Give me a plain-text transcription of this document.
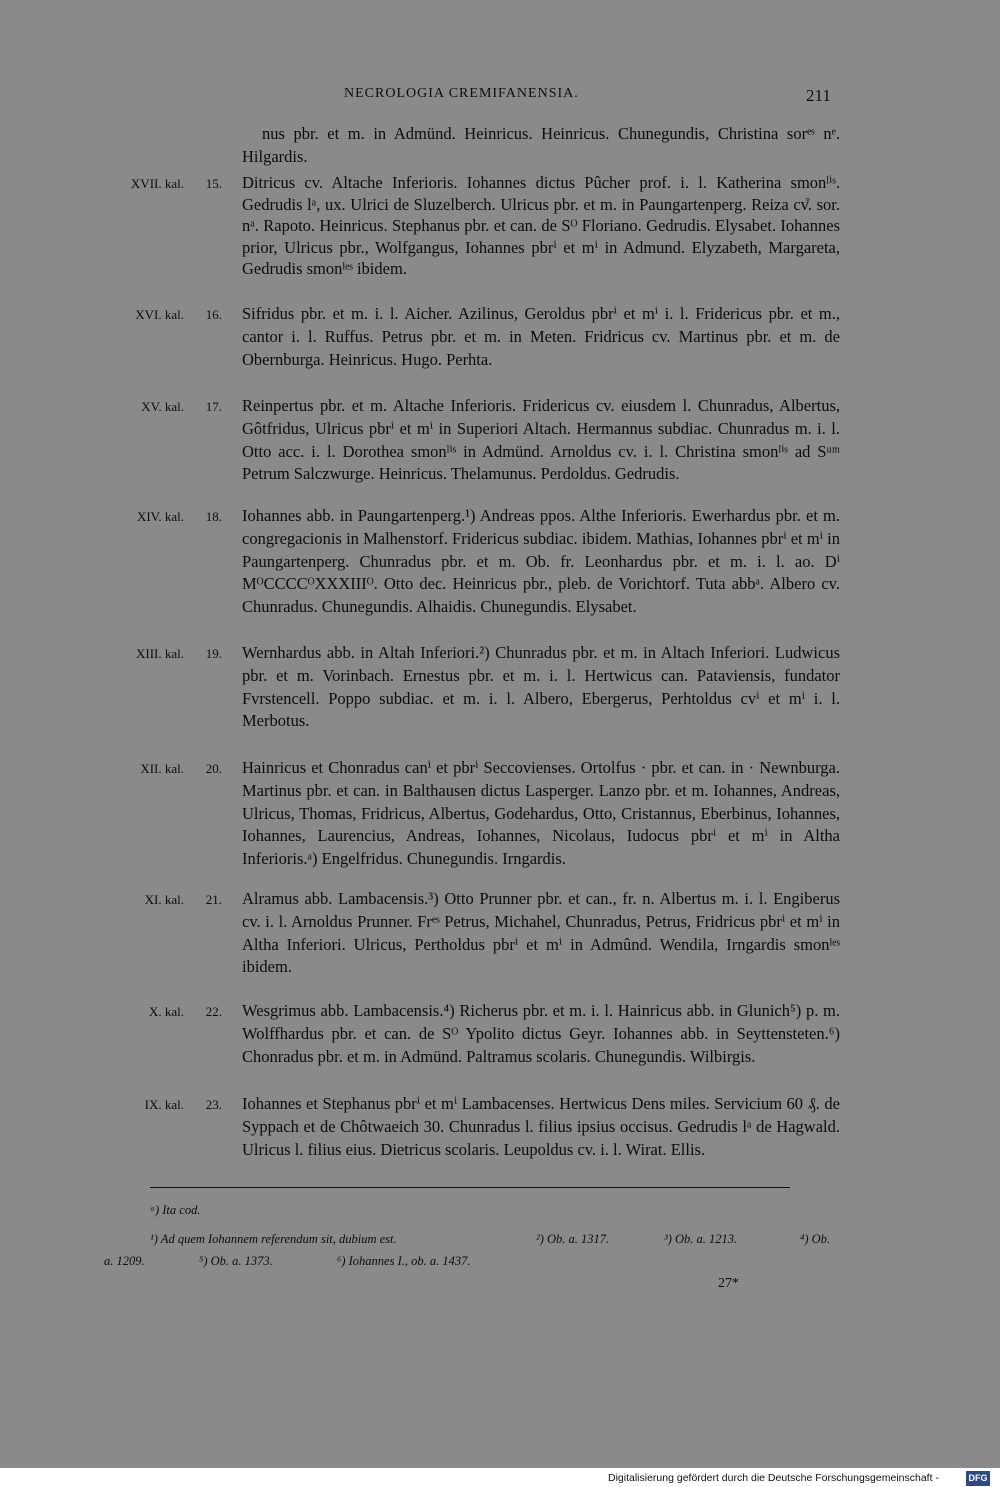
NECROLOGIA CREMIFANENSIA.	211
nus pbr. et m. in Admünd. Heinricus. Heinricus. Chunegundis, Christina sorᵉˢ nᵉ. Hilgardis.
XVII. kal.	15. Ditricus cv. Altache Inferioris. Iohannes dictus Pûcher prof. i. l. Katherina smonˡⁱˢ. Gedrudis lᵃ, ux. Ulrici de Sluzelberch. Ulricus pbr. et m. in Paungartenperg. Reiza cv̊. sor. nᵃ. Rapoto. Heinricus. Stephanus pbr. et can. de Sᴼ Floriano. Gedrudis. Elysabet. Iohannes prior, Ulricus pbr., Wolfgangus, Iohannes pbrⁱ et mⁱ in Admund. Elyzabeth, Margareta, Gedrudis smonˡᵉˢ ibidem.
XVI. kal.	16. Sifridus pbr. et m. i. l. Aicher. Azilinus, Geroldus pbrⁱ et mⁱ i. l. Fridericus pbr. et m., cantor i. l. Ruffus. Petrus pbr. et m. in Meten. Fridricus cv. Martinus pbr. et m. de Obernburga. Heinricus. Hugo. Perhta.
XV. kal.	17. Reinpertus pbr. et m. Altache Inferioris. Fridericus cv. eiusdem l. Chunradus, Albertus, Gôtfridus, Ulricus pbrⁱ et mⁱ in Superiori Altach. Hermannus subdiac. Chunradus m. i. l. Otto acc. i. l. Dorothea smonˡⁱˢ in Admünd. Arnoldus cv. i. l. Christina smonˡⁱˢ ad Sᵘᵐ Petrum Salczwurge. Heinricus. Thelamunus. Perdoldus. Gedrudis.
XIV. kal.	18. Iohannes abb. in Paungartenperg.¹) Andreas ppos. Althe Inferioris. Ewerhardus pbr. et m. congregacionis in Malhenstorf. Fridericus subdiac. ibidem. Mathias, Iohannes pbrⁱ et mⁱ in Paungartenperg. Chunradus pbr. et m. Ob. fr. Leonhardus pbr. et m. i. l. ao. Dⁱ MᴼCCCCᴼXXXIIIᴼ. Otto dec. Heinricus pbr., pleb. de Vorichtorf. Tuta abbᵃ. Albero cv. Chunradus. Chunegundis. Alhaidis. Chunegundis. Elysabet.
XIII. kal.	19. Wernhardus abb. in Altah Inferiori.²) Chunradus pbr. et m. in Altach Inferiori. Ludwicus pbr. et m. Vorinbach. Ernestus pbr. et m. i. l. Hertwicus can. Pataviensis, fundator Fvrstencell. Poppo subdiac. et m. i. l. Albero, Ebergerus, Perhtoldus cvⁱ et mⁱ i. l. Merbotus.
XII. kal.	20. Hainricus et Chonradus canⁱ et pbrⁱ Seccovienses. Ortolfus · pbr. et can. in · Newnburga. Martinus pbr. et can. in Balthausen dictus Lasperger. Lanzo pbr. et m. Iohannes, Andreas, Ulricus, Thomas, Fridricus, Albertus, Godehardus, Otto, Cristannus, Eberbinus, Iohannes, Iohannes, Laurencius, Andreas, Iohannes, Nicolaus, Iudocus pbrⁱ et mⁱ in Altha Inferioris.ᵃ) Engelfridus. Chunegundis. Irngardis.
XI. kal.	21. Alramus abb. Lambacensis.³) Otto Prunner pbr. et can., fr. n. Albertus m. i. l. Engiberus cv. i. l. Arnoldus Prunner. Frᵉˢ Petrus, Michahel, Chunradus, Petrus, Fridricus pbrⁱ et mⁱ in Altha Inferiori. Ulricus, Pertholdus pbrⁱ et mⁱ in Admûnd. Wendila, Irngardis smonˡᵉˢ ibidem.
X. kal.	22. Wesgrimus abb. Lambacensis.⁴) Richerus pbr. et m. i. l. Hainricus abb. in Glunich⁵) p. m. Wolffhardus pbr. et can. de Sᴼ Ypolito dictus Geyr. Iohannes abb. in Seyttensteten.⁶) Chonradus pbr. et m. in Admünd. Paltramus scolaris. Chunegundis. Wilbirgis.
IX. kal.	23. Iohannes et Stephanus pbrⁱ et mⁱ Lambacenses. Hertwicus Dens miles. Servicium 60 ₰. de Syppach et de Chôtwaeich 30. Chunradus l. filius ipsius occisus. Gedrudis lᵃ de Hagwald. Ulricus l. filius eius. Dietricus scolaris. Leupoldus cv. i. l. Wirat. Ellis.
ᵃ) Ita cod.
¹) Ad quem Iohannem referendum sit, dubium est.	²) Ob. a. 1317.	³) Ob. a. 1213.	⁴) Ob.
a. 1209.	⁵) Ob. a. 1373.	⁶) Iohannes I., ob. a. 1437.
27*
Digitalisierung gefördert durch die Deutsche Forschungsgemeinschaft -	DFG
